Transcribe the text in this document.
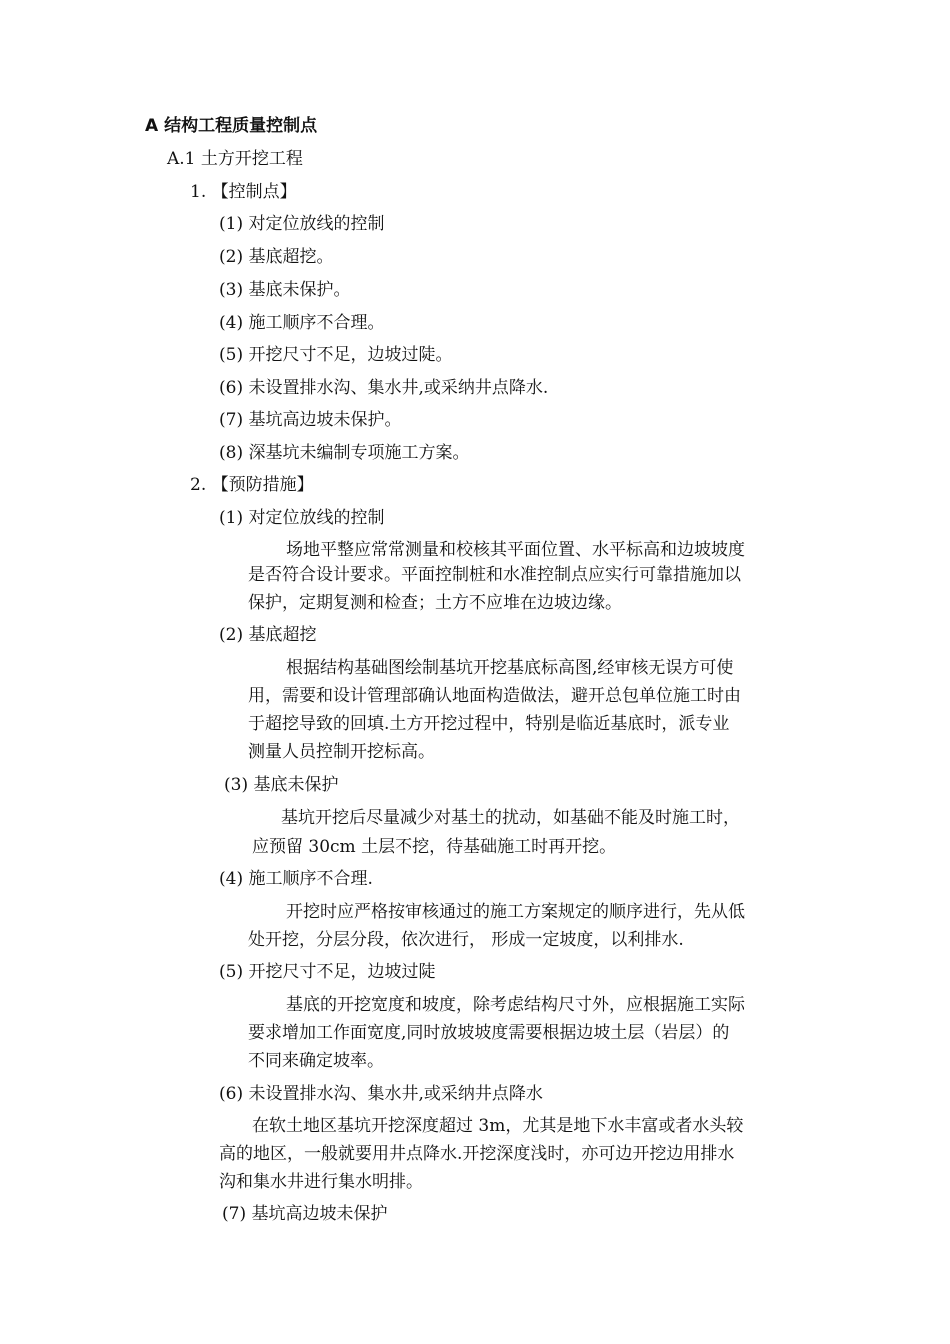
A 结构工程质量控制点

A.1 土方开挖工程

1. 【控制点】

(1) 对定位放线的控制

(2) 基底超挖。

(3) 基底未保护。

(4) 施工顺序不合理。

(5) 开挖尺寸不足，边坡过陡。

(6) 未设置排水沟、集水井,或采纳井点降水.

(7) 基坑高边坡未保护。

(8) 深基坑未编制专项施工方案。

2. 【预防措施】

(1) 对定位放线的控制

场地平整应常常测量和校核其平面位置、水平标高和边坡坡度

是否符合设计要求。平面控制桩和水准控制点应实行可靠措施加以

保护，定期复测和检查；土方不应堆在边坡边缘。

(2) 基底超挖

根据结构基础图绘制基坑开挖基底标高图,经审核无误方可使

用，需要和设计管理部确认地面构造做法，避开总包单位施工时由

于超挖导致的回填.土方开挖过程中，特别是临近基底时，派专业

测量人员控制开挖标高。

(3) 基底未保护

基坑开挖后尽量减少对基土的扰动，如基础不能及时施工时，

应预留 30cm 土层不挖，待基础施工时再开挖。

(4) 施工顺序不合理.

开挖时应严格按审核通过的施工方案规定的顺序进行，先从低

处开挖，分层分段，依次进行， 形成一定坡度，以利排水.

(5) 开挖尺寸不足，边坡过陡

基底的开挖宽度和坡度，除考虑结构尺寸外，应根据施工实际

要求增加工作面宽度,同时放坡坡度需要根据边坡土层（岩层）的

不同来确定坡率。

(6) 未设置排水沟、集水井,或采纳井点降水

在软土地区基坑开挖深度超过 3m，尤其是地下水丰富或者水头较

高的地区，一般就要用井点降水.开挖深度浅时，亦可边开挖边用排水

沟和集水井进行集水明排。

(7) 基坑高边坡未保护
